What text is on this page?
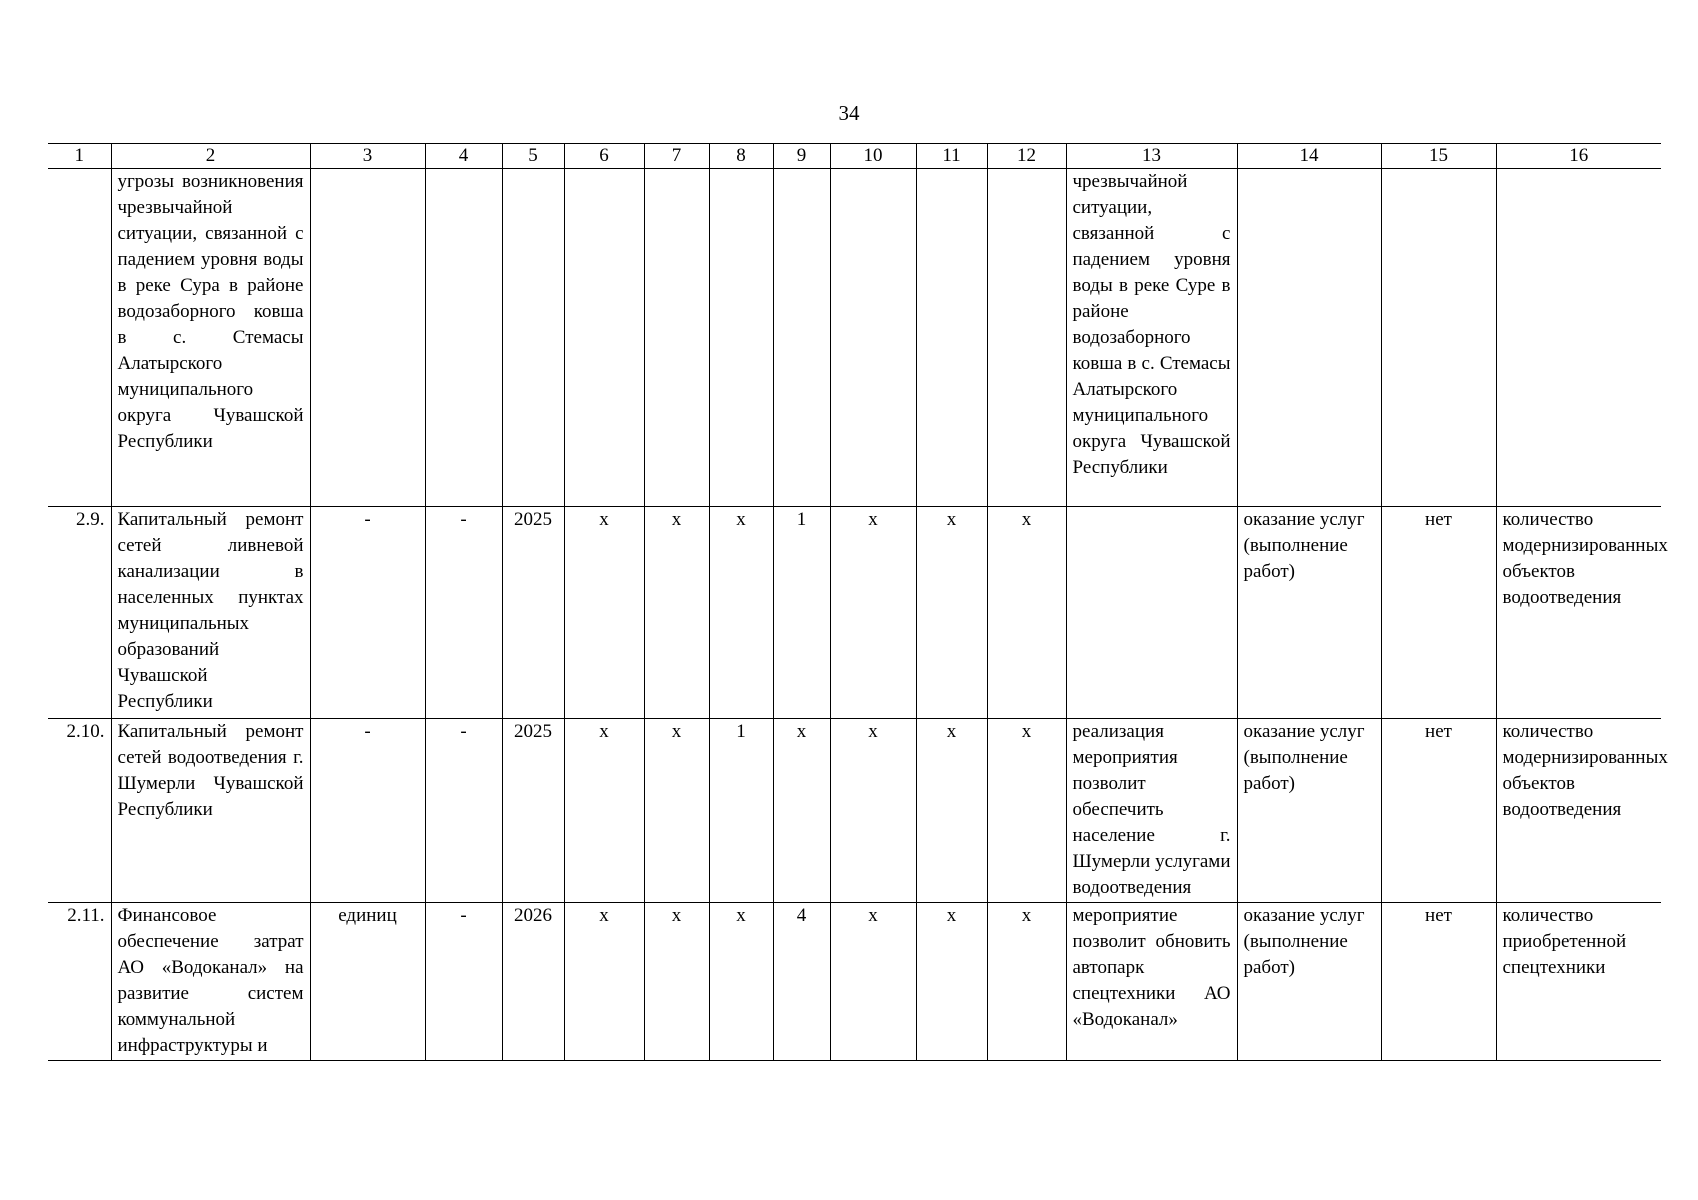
34
1	2	3	4	5	6	7	8	9	10	11	12	13	14	15	16
	угрозы возникновения чрезвычайной ситуации, связанной с падением уровня воды в реке Сура в районе водозаборного ковша в с. Стемасы Алатырского муниципального округа Чувашской Республики											чрезвычайной ситуации, связанной с падением уровня воды в реке Суре в районе водозаборного ковша в с. Стемасы Алатырского муниципального округа Чувашской Республики			
2.9.	Капитальный ремонт сетей ливневой канализации в населенных пунктах муниципальных образований Чувашской Республики	-	-	2025	х	х	х	1	х	х	х		оказание услуг (выполнение работ)	нет	количество модернизированных объектов водоотведения
2.10.	Капитальный ремонт сетей водоотведения г. Шумерли Чувашской Республики	-	-	2025	х	х	1	х	х	х	х	реализация мероприятия позволит обеспечить население г. Шумерли услугами водоотведения	оказание услуг (выполнение работ)	нет	количество модернизированных объектов водоотведения
2.11.	Финансовое обеспечение затрат АО «Водоканал» на развитие систем коммунальной инфраструктуры и	единиц	-	2026	х	х	х	4	х	х	х	мероприятие позволит обновить автопарк спецтехники АО «Водоканал»	оказание услуг (выполнение работ)	нет	количество приобретенной спецтехники
